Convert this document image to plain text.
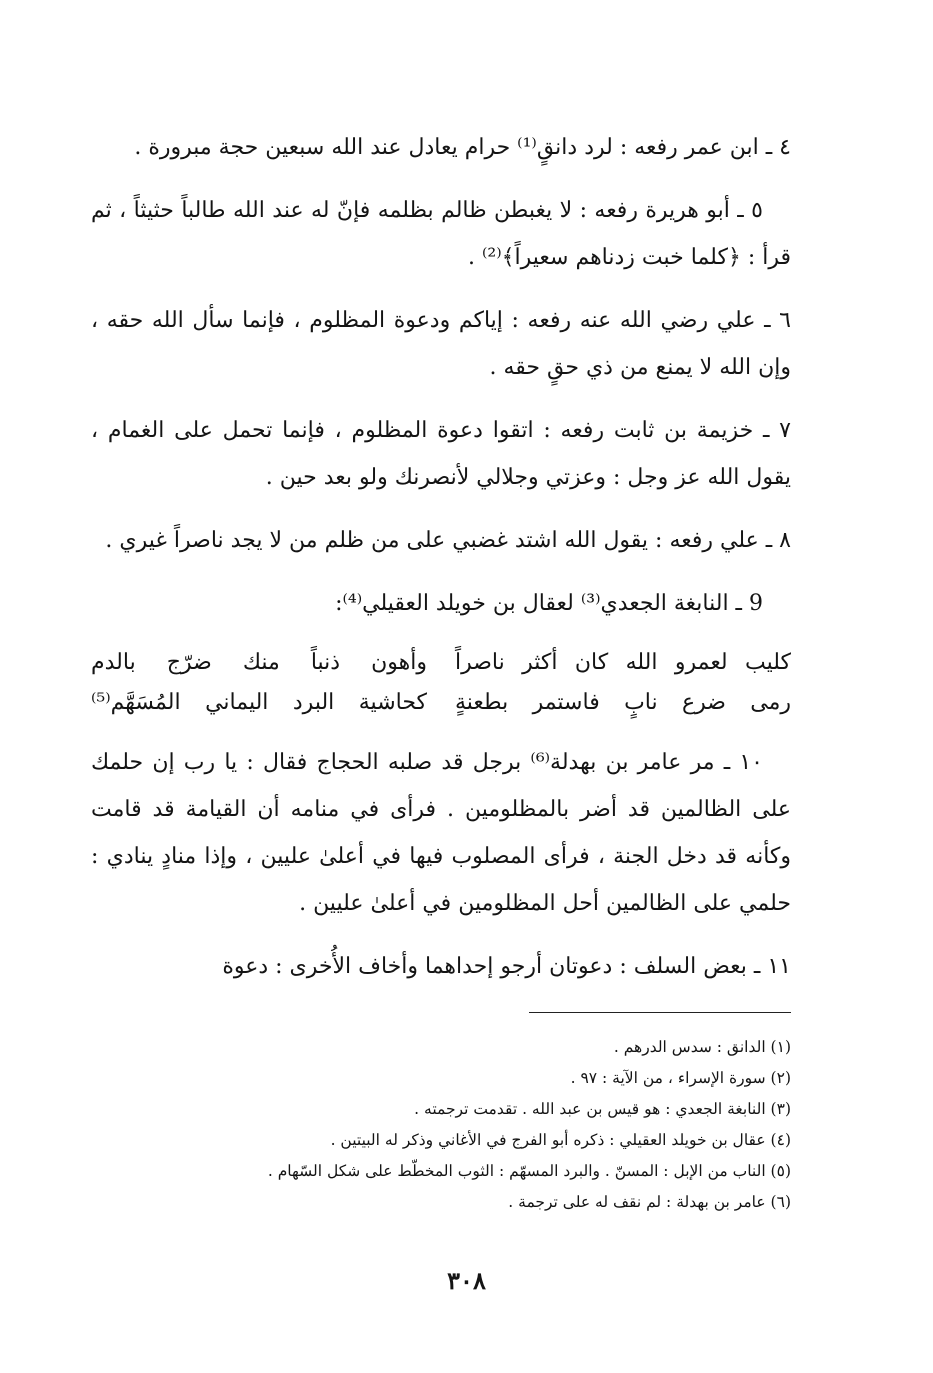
٤ ـ ابن عمر رفعه : لرد دانقٍ⁽¹⁾ حرام يعادل عند الله سبعين حجة مبرورة .

٥ ـ أبو هريرة رفعه : لا يغبطن ظالم بظلمه فإنّ له عند الله طالباً حثيثاً ، ثم قرأ : ﴿كلما خبت زدناهم سعيراً﴾⁽²⁾ .

٦ ـ علي رضي الله عنه رفعه : إياكم ودعوة المظلوم ، فإنما سأل الله حقه ، وإن الله لا يمنع من ذي حقٍ حقه .

٧ ـ خزيمة بن ثابت رفعه : اتقوا دعوة المظلوم ، فإنما تحمل على الغمام ، يقول الله عز وجل : وعزتي وجلالي لأنصرنك ولو بعد حين .

٨ ـ علي رفعه : يقول الله اشتد غضبي على من ظلم من لا يجد ناصراً غيري .

9 ـ النابغة الجعدي⁽³⁾ لعقال بن خويلد العقيلي⁽⁴⁾:

كليب لعمرو الله كان أكثر ناصراً
وأهون ذنباً منك ضرّج بالدم
رمى ضرع نابٍ فاستمر بطعنةٍ
كحاشية البرد اليماني المُسَهَّم⁽⁵⁾

١٠ ـ مر عامر بن بهدلة⁽⁶⁾ برجل قد صلبه الحجاج فقال : يا رب إن حلمك على الظالمين قد أضر بالمظلومين . فرأى في منامه أن القيامة قد قامت وكأنه قد دخل الجنة ، فرأى المصلوب فيها في أعلىٰ عليين ، وإذا منادٍ ينادي : حلمي على الظالمين أحل المظلومين في أعلىٰ عليين .

١١ ـ بعض السلف : دعوتان أرجو إحداهما وأخاف الأُخرى : دعوة

(١) الدانق : سدس الدرهم .
(٢) سورة الإسراء ، من الآية : ٩٧ .
(٣) النابغة الجعدي : هو قيس بن عبد الله . تقدمت ترجمته .
(٤) عقال بن خويلد العقيلي : ذكره أبو الفرج في الأغاني وذكر له البيتين .
(٥) الناب من الإبل : المسنّ . والبرد المسهّم : الثوب المخطّط على شكل السّهام .
(٦) عامر بن بهدلة : لم نقف له على ترجمة .
٣٠٨
